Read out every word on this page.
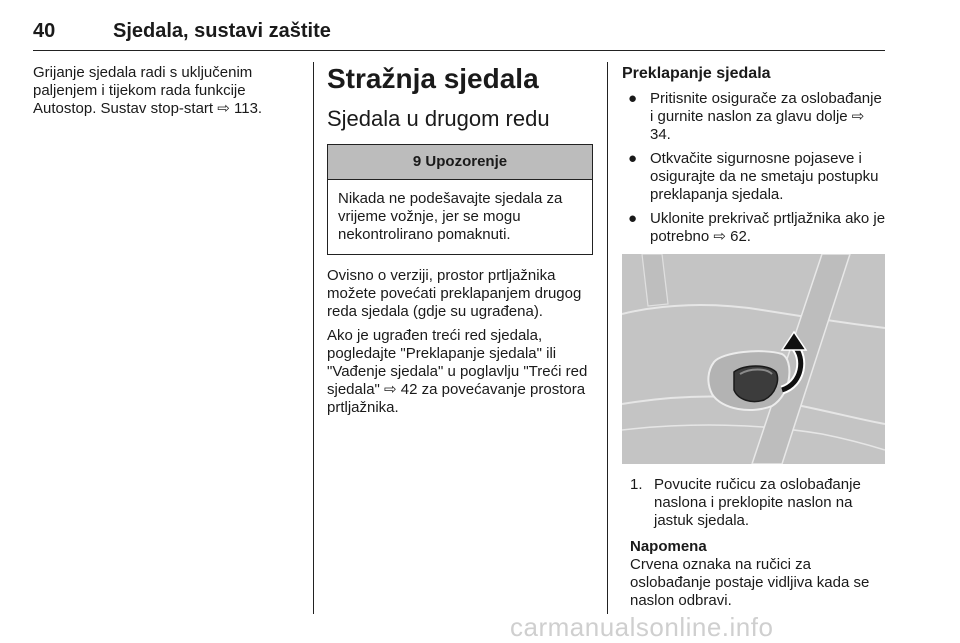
40	Sjedala, sustavi zaštite

Grijanje sjedala radi s uključenim paljenjem i tijekom rada funkcije Autostop. Sustav stop-start ⇨ 113.

Stražnja sjedala
Sjedala u drugom redu
9 Upozorenje
Nikada ne podešavajte sjedala za vrijeme vožnje, jer se mogu nekontrolirano pomaknuti.

Ovisno o verziji, prostor prtljažnika možete povećati preklapanjem drugog reda sjedala (gdje su ugrađena).

Ako je ugrađen treći red sjedala, pogledajte "Preklapanje sjedala" ili "Vađenje sjedala" u poglavlju "Treći red sjedala" ⇨ 42 za povećavanje prostora prtljažnika.

Preklapanje sjedala
● Pritisnite osigurače za oslobađanje i gurnite naslon za glavu dolje ⇨ 34.
● Otkvačite sigurnosne pojaseve i osigurajte da ne smetaju postupku preklapanja sjedala.
● Uklonite prekrivač prtljažnika ako je potrebno ⇨ 62.
1. Povucite ručicu za oslobađanje naslona i preklopite naslon na jastuk sjedala.
Napomena
Crvena oznaka na ručici za oslobađanje postaje vidljiva kada se naslon odbravi.
carmanualsonline.info
